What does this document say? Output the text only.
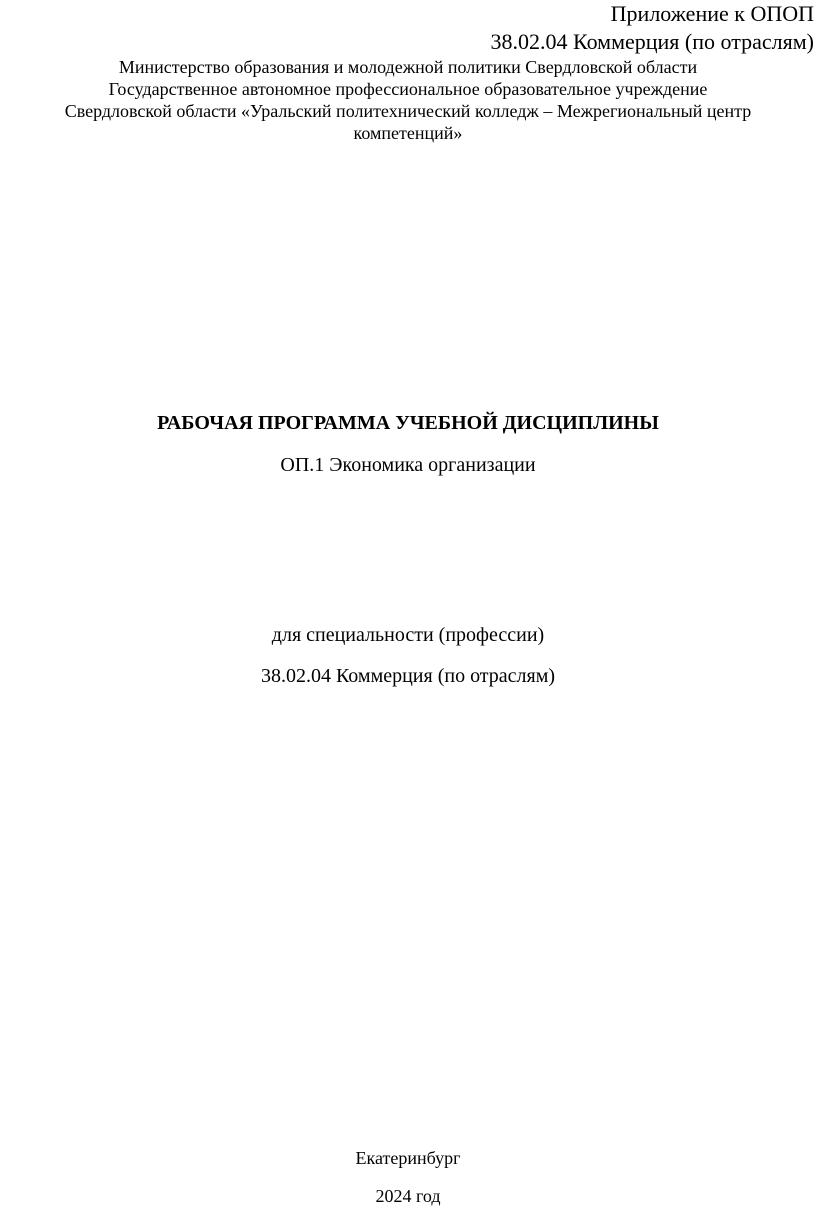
Приложение к ОПОП
38.02.04 Коммерция (по отраслям)
Министерство образования и молодежной политики Свердловской области
Государственное автономное профессиональное образовательное учреждение
Свердловской области «Уральский политехнический колледж – Межрегиональный центр
компетенций»
РАБОЧАЯ ПРОГРАММА УЧЕБНОЙ ДИСЦИПЛИНЫ
ОП.1 Экономика организации
для специальности (профессии)
38.02.04 Коммерция (по отраслям)
Екатеринбург
2024 год
